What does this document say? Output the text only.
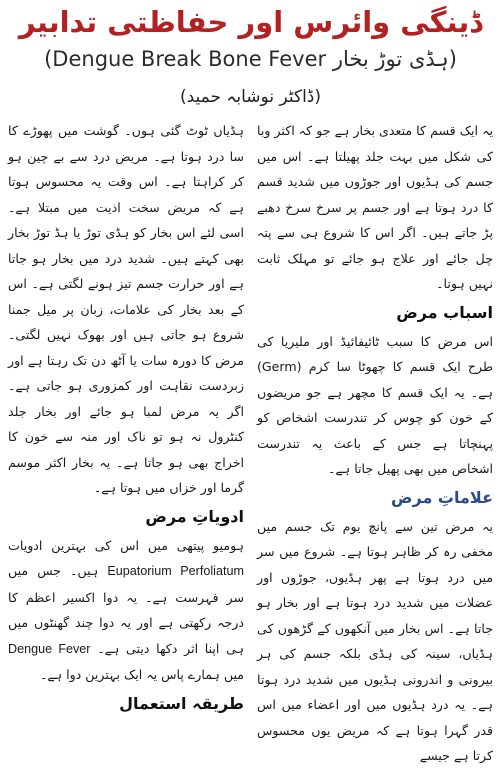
ڈینگی وائرس اور حفاظتی تدابیر
(ہڈی توڑ بخار Dengue Break Bone Fever)
(ڈاکٹر نوشابہ حمید)

یہ ایک قسم کا متعدی بخار ہے جو کہ اکثر وبا کی شکل میں بہت جلد پھیلتا ہے۔ اس میں جسم کی ہڈیوں اور جوڑوں میں شدید قسم کا درد ہوتا ہے اور جسم پر سرخ سرخ دھبے پڑ جاتے ہیں۔ اگر اس کا شروع ہی سے پتہ چل جائے اور علاج ہو جائے تو مہلک ثابت نہیں ہوتا۔

اسباب مرض

اس مرض کا سبب ٹائیفائیڈ اور ملیریا کی طرح ایک قسم کا چھوٹا سا کرم (Germ) ہے۔ یہ ایک قسم کا مچھر ہے جو مریضوں کے خون کو چوس کر تندرست اشخاص کو پہنچاتا ہے جس کے باعث یہ تندرست اشخاص میں بھی پھیل جاتا ہے۔

علاماتِ مرض

یہ مرض تین سے پانچ یوم تک جسم میں مخفی رہ کر ظاہر ہوتا ہے۔ شروع میں سر میں درد ہوتا ہے پھر ہڈیوں، جوڑوں اور عضلات میں شدید درد ہوتا ہے اور بخار ہو جاتا ہے۔ اس بخار میں آنکھوں کے گڑھوں کی ہڈیاں، سینہ کی ہڈی بلکہ جسم کی ہر بیرونی و اندرونی ہڈیوں میں شدید درد ہوتا ہے۔ یہ درد ہڈیوں میں اور اعضاء میں اس قدر گہرا ہوتا ہے کہ مریض یوں محسوس کرتا ہے جیسے

ہڈیاں ٹوٹ گئی ہوں۔ گوشت میں پھوڑے کا سا درد ہوتا ہے۔ مریض درد سے بے چین ہو کر کراہتا ہے۔ اس وقت یہ محسوس ہوتا ہے کہ مریض سخت اذیت میں مبتلا ہے۔ اسی لئے اس بخار کو ہڈی توڑ یا ہڈ توڑ بخار بھی کہتے ہیں۔ شدید درد میں بخار ہو جاتا ہے اور حرارت جسم تیز ہونے لگتی ہے۔ اس کے بعد بخار کی علامات، زبان پر میل جمنا شروع ہو جاتی ہیں اور بھوک نہیں لگتی۔ مرض کا دورہ سات یا آٹھ دن تک رہتا ہے اور زبردست نقاہت اور کمزوری ہو جاتی ہے۔ اگر یہ مرض لمبا ہو جائے اور بخار جلد کنٹرول نہ ہو تو ناک اور منہ سے خون کا اخراج بھی ہو جاتا ہے۔ یہ بخار اکثر موسم گرما اور خزاں میں ہوتا ہے۔

ادویاتِ مرض

ہومیو پیتھی میں اس کی بہترین ادویات Eupatorium Perfoliatum ہیں۔ جس میں سر فہرست ہے۔ یہ دوا اکسیر اعظم کا درجہ رکھتی ہے اور یہ دوا چند گھنٹوں میں ہی اپنا اثر دکھا دیتی ہے۔ Dengue Fever میں ہمارے پاس یہ ایک بہترین دوا ہے۔

طریقہ استعمال
